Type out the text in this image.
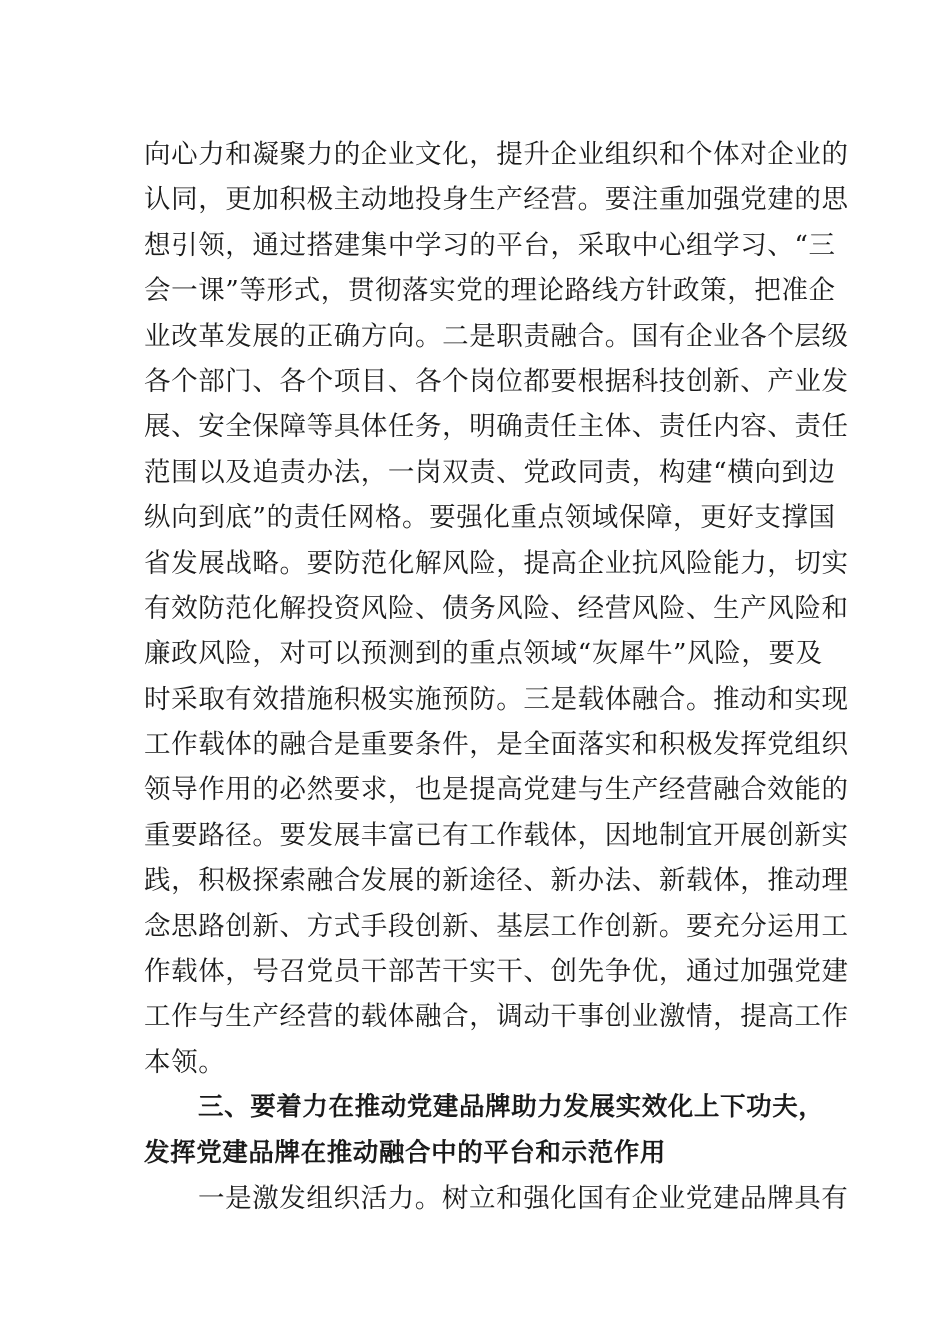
向心力和凝聚力的企业文化，提升企业组织和个体对企业的
认同，更加积极主动地投身生产经营。要注重加强党建的思
想引领，通过搭建集中学习的平台，采取中心组学习、“三
会一课”等形式，贯彻落实党的理论路线方针政策，把准企
业改革发展的正确方向。二是职责融合。国有企业各个层级
各个部门、各个项目、各个岗位都要根据科技创新、产业发
展、安全保障等具体任务，明确责任主体、责任内容、责任
范围以及追责办法，一岗双责、党政同责，构建“横向到边
纵向到底”的责任网格。要强化重点领域保障，更好支撑国
省发展战略。要防范化解风险，提高企业抗风险能力，切实
有效防范化解投资风险、债务风险、经营风险、生产风险和
廉政风险，对可以预测到的重点领域“灰犀牛”风险，要及
时采取有效措施积极实施预防。三是载体融合。推动和实现
工作载体的融合是重要条件，是全面落实和积极发挥党组织
领导作用的必然要求，也是提高党建与生产经营融合效能的
重要路径。要发展丰富已有工作载体，因地制宜开展创新实
践，积极探索融合发展的新途径、新办法、新载体，推动理
念思路创新、方式手段创新、基层工作创新。要充分运用工
作载体，号召党员干部苦干实干、创先争优，通过加强党建
工作与生产经营的载体融合，调动干事创业激情，提高工作
本领。
三、要着力在推动党建品牌助力发展实效化上下功夫，
发挥党建品牌在推动融合中的平台和示范作用
一是激发组织活力。树立和强化国有企业党建品牌具有
